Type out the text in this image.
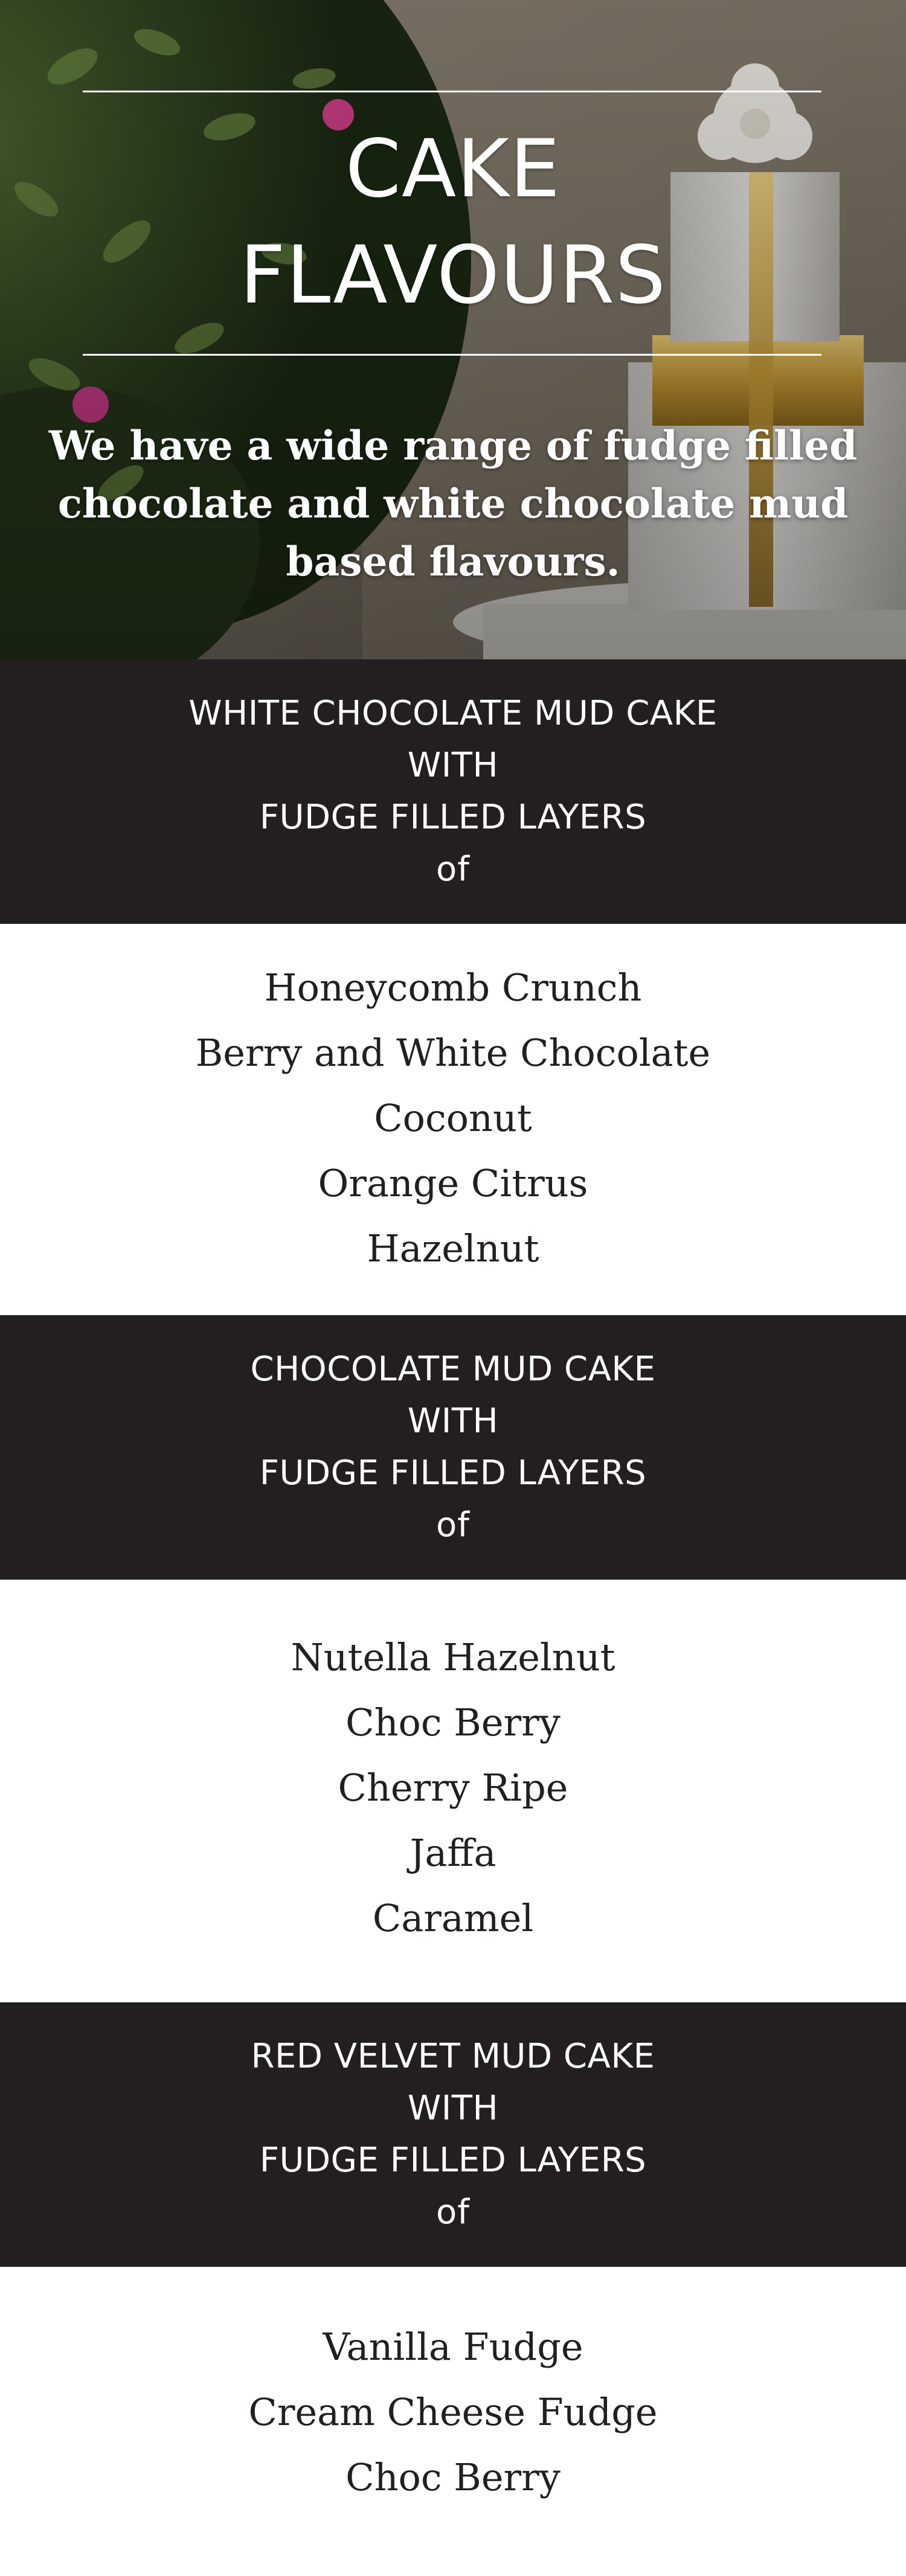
CAKE
FLAVOURS

We have a wide range of fudge filled chocolate and white chocolate mud based flavours.

WHITE CHOCOLATE MUD CAKE
WITH
FUDGE FILLED LAYERS
of
Honeycomb Crunch
Berry and White Chocolate
Coconut
Orange Citrus
Hazelnut
CHOCOLATE MUD CAKE
WITH
FUDGE FILLED LAYERS
of
Nutella Hazelnut
Choc Berry
Cherry Ripe
Jaffa
Caramel
RED VELVET MUD CAKE
WITH
FUDGE FILLED LAYERS
of
Vanilla Fudge
Cream Cheese Fudge
Choc Berry
